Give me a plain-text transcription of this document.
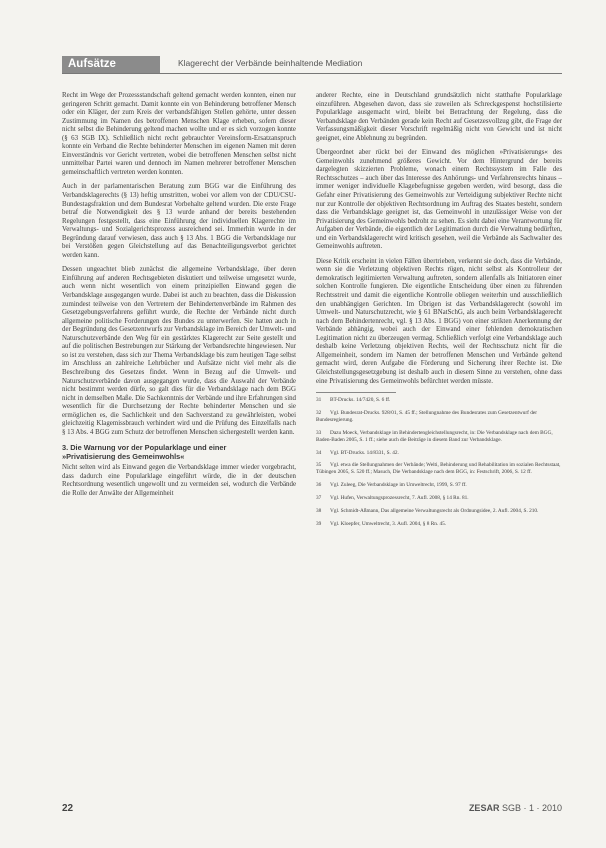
Aufsätze	Klagerecht der Verbände beinhaltende Mediation

Recht im Wege der Prozessstandschaft geltend gemacht werden konnten, einen nur geringeren Schritt gemacht. Damit konnte ein von Behinderung betroffener Mensch oder ein Kläger, der zum Kreis der verbandsfähigen Stellen gehörte, unter dessen Zustimmung im Namen des betroffenen Menschen Klage erheben, sofern dieser nicht selbst die Behinderung geltend machen wollte und er es sich vorzogen konnte (§ 63 SGB IX). Schließlich nicht recht gebrauchter Vereinsform-Ersatzanspruch konnte ein Verband die Rechte behinderter Menschen im eigenen Namen mit deren Einverständnis vor Gericht vertreten, wobei die betroffenen Menschen selbst nicht unmittelbar Partei waren und dennoch im Namen mehrerer betroffener Menschen gemeinschaftlich vertreten werden konnten.

Auch in der parlamentarischen Beratung zum BGG war die Einführung des Verbandsklagerechts (§ 13) heftig umstritten, wobei vor allem von der CDU/CSU-Bundestagsfraktion und dem Bundesrat Vorbehalte geltend wurden. Die erste Frage betraf die Notwendigkeit des § 13 wurde anhand der bereits bestehenden Regelungen festgestellt, dass eine Einführung der individuellen Klagerechte im Verwaltungs- und Sozialgerichtsprozess ausreichend sei. Immerhin wurde in der Begründung darauf verwiesen, dass auch § 13 Abs. 1 BGG die Verbandsklage nur bei Verstößen gegen Gleichstellung auf das Benachteiligungsverbot gerichtet werden kann.

Dessen ungeachtet blieb zunächst die allgemeine Verbandsklage, über deren Einführung auf anderen Rechtsgebieten diskutiert und teilweise umgesetzt wurde, auch wenn nicht wesentlich von einem prinzipiellen Einwand gegen die Verbandsklage ausgegangen wurde. Dabei ist auch zu beachten, dass die Diskussion zumindest teilweise von den Vertretern der Behindertenverbände im Rahmen des Gesetzgebungsverfahrens geführt wurde, die Rechte der Verbände nicht durch allgemeine politische Forderungen des Bundes zu unterwerfen. Sie hatten auch in der Begründung des Gesetzentwurfs zur Verbandsklage im Bereich der Umwelt- und Naturschutzverbände den Weg für ein gestärktes Klagerecht zur Seite gestellt und auf die politischen Bestrebungen zur Stärkung der Verbandsrechte hingewiesen. Nur so ist zu verstehen, dass sich zur Thema Verbandsklage bis zum heutigen Tage selbst im Anschluss an zahlreiche Lehrbücher und Aufsätze nicht viel mehr als die Beschreibung des Gesetzes findet. Wenn in Bezug auf die Umwelt- und Naturschutzverbände davon ausgegangen wurde, dass die Auswahl der Verbände nicht bestimmt werden dürfe, so galt dies für die Verbandsklage nach dem BGG nicht in demselben Maße. Die Sachkenntnis der Verbände und ihre Erfahrungen sind wesentlich für die Durchsetzung der Rechte behinderter Menschen und sie ermöglichen es, die Sachlichkeit und den Sachverstand zu gewährleisten, wobei gleichzeitig Klagemissbrauch verhindert wird und die Prüfung des Einzelfalls nach § 13 Abs. 4 BGG zum Schutz der betroffenen Menschen sichergestellt werden kann.

3. Die Warnung vor der Popularklage und einer
»Privatisierung des Gemeinwohls«

Nicht selten wird als Einwand gegen die Verbandsklage immer wieder vorgebracht, dass dadurch eine Popularklage eingeführt würde, die in der deutschen Rechtsordnung wesentlich ungewollt und zu vermeiden sei, wodurch die Verbände die Rolle der Anwälte der Allgemeinheit

anderer Rechte, eine in Deutschland grundsätzlich nicht statthafte Popularklage einzuführen. Abgesehen davon, dass sie zuweilen als Schreckgespenst hochstilisierte Popularklage ausgemacht wird, bleibt bei Betrachtung der Regelung, dass die Verbandsklage den Verbänden gerade kein Recht auf Gesetzesvollzug gibt, die Frage der Verfassungsmäßigkeit dieser Vorschrift regelmäßig nicht von Gewicht und ist nicht geeignet, eine Ablehnung zu begründen.

Übergeordnet aber rückt bei der Einwand des möglichen »Privatisierungs« des Gemeinwohls zunehmend größeres Gewicht. Vor dem Hintergrund der bereits dargelegten skizzierten Probleme, wonach einem Rechtssystem im Falle des Rechtsschutzes – auch über das Interesse des Anhörungs- und Verfahrensrechts hinaus – immer weniger individuelle Klagebefugnisse gegeben werden, wird besorgt, dass die Gefahr einer Privatisierung des Gemeinwohls zur Verteidigung subjektiver Rechte nicht nur zur Kontrolle der objektiven Rechtsordnung im Auftrag des Staates besteht, sondern dass die Verbandsklage geeignet ist, das Gemeinwohl in unzulässiger Weise von der Privatisierung des Gemeinwohls bedroht zu sehen. Es sieht dabei eine Verantwortung für Aufgaben der Verbände, die eigentlich der Legitimation durch die Verwaltung bedürften, und ein Verbandsklagerecht wird kritisch gesehen, weil die Verbände als Sachwalter des Gemeinwohls auftreten.

Diese Kritik erscheint in vielen Fällen übertrieben, verkennt sie doch, dass die Verbände, wenn sie die Verletzung objektiven Rechts rügen, nicht selbst als Kontrolleur der demokratisch legitimierten Verwaltung auftreten, sondern allenfalls als Initiatoren einer solchen Kontrolle fungieren. Die eigentliche Entscheidung über einen zu führenden Rechtsstreit und damit die eigentliche Kontrolle obliegen weiterhin und ausschließlich den unabhängigen Gerichten. Im Übrigen ist das Verbandsklagerecht (sowohl im Umwelt- und Naturschutzrecht, wie § 61 BNatSchG, als auch beim Verbandsklagerecht nach dem Behindertenrecht, vgl. § 13 Abs. 1 BGG) von einer strikten Anerkennung der Verbände abhängig, wobei auch der Einwand einer fehlenden demokratischen Legitimation nicht zu überzeugen vermag. Schließlich verfolgt eine Verbandsklage auch deshalb keine Verletzung objektiven Rechts, weil der Rechtsschutz nicht für die Allgemeinheit, sondern im Namen der betroffenen Menschen und Verbände geltend gemacht wird, deren Aufgabe die Förderung und Sicherung ihrer Rechte ist. Die Gleichstellungsgesetzgebung ist deshalb auch in diesem Sinne zu verstehen, ohne dass eine Privatisierung des Gemeinwohls befürchtet werden müsste.

31 BT-Drucks. 14/7420, S. 6 ff.

32 Vgl. Bundesrat-Drucks. 928/01, S. 45 ff.; Stellungnahme des Bundesrates zum Gesetzentwurf der Bundesregierung.

33 Dazu Moeck, Verbandsklage im Behindertengleichstellungsrecht, in: Die Verbandsklage nach dem BGG, Baden-Baden 2005, S. 1 ff.; siehe auch die Beiträge in diesem Band zur Verbandsklage.

34 Vgl. BT-Drucks. 14/8331, S. 42.

35 Vgl. etwa die Stellungnahmen der Verbände; Welti, Behinderung und Rehabilitation im sozialen Rechtsstaat, Tübingen 2005, S. 520 ff.; Masuch, Die Verbandsklage nach dem BGG, in: Festschrift, 2006, S. 12 ff.

36 Vgl. Zuleeg, Die Verbandsklage im Umweltrecht, 1999, S. 97 ff.

37 Vgl. Hufen, Verwaltungsprozessrecht, 7. Aufl. 2008, § 14 Rn. 81.

38 Vgl. Schmidt-Aßmann, Das allgemeine Verwaltungsrecht als Ordnungsidee, 2. Aufl. 2004, S. 210.

39 Vgl. Kloepfer, Umweltrecht, 3. Aufl. 2004, § 8 Rn. 45.

22	ZESAR SGB · 1 · 2010
